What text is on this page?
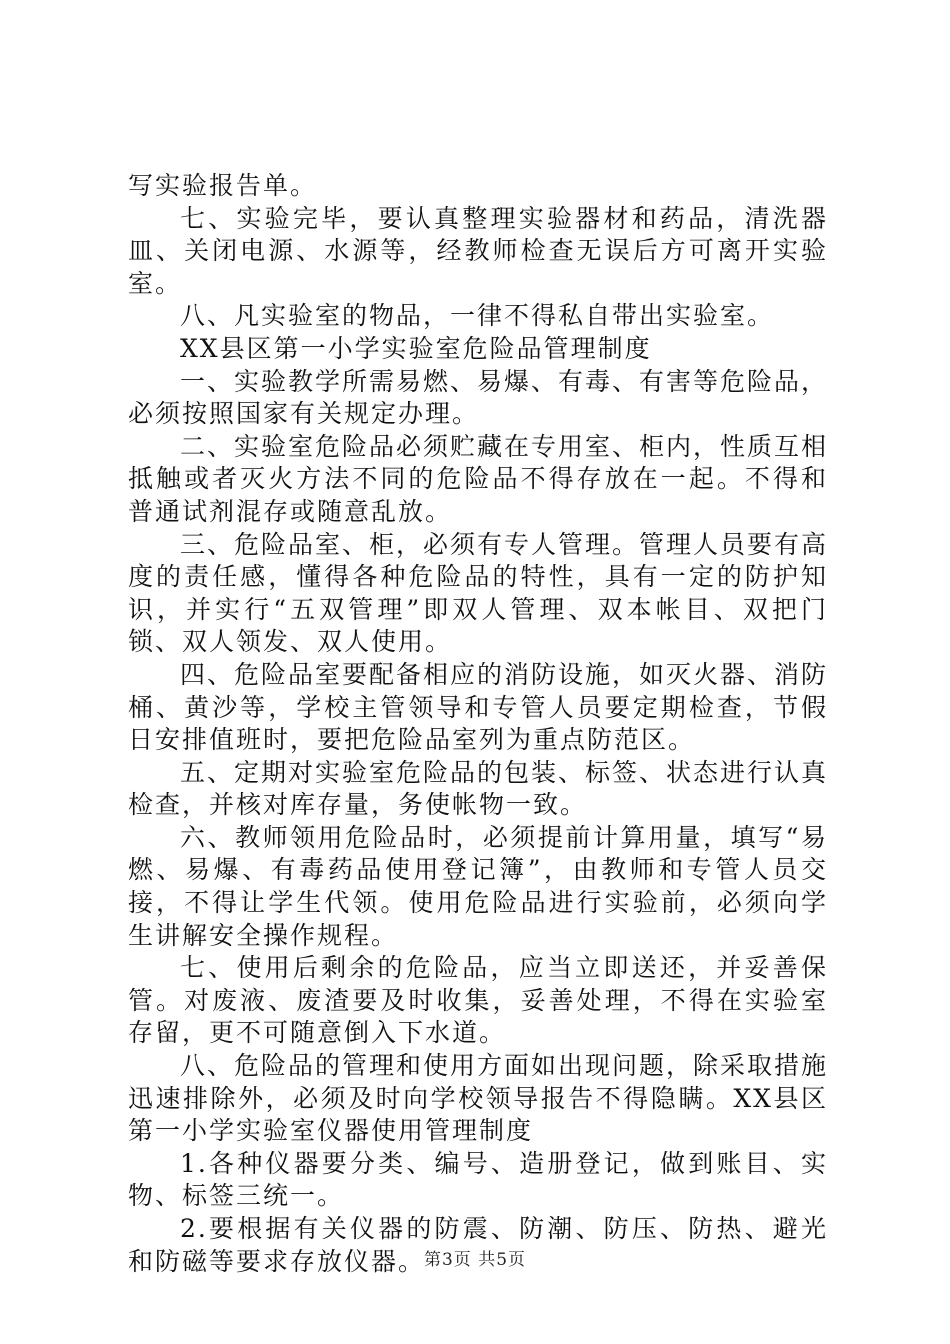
写实验报告单。

七、实验完毕，要认真整理实验器材和药品，清洗器皿、关闭电源、水源等，经教师检查无误后方可离开实验室。

八、凡实验室的物品，一律不得私自带出实验室。

XX县区第一小学实验室危险品管理制度

一、实验教学所需易燃、易爆、有毒、有害等危险品，必须按照国家有关规定办理。

二、实验室危险品必须贮藏在专用室、柜内，性质互相抵触或者灭火方法不同的危险品不得存放在一起。不得和普通试剂混存或随意乱放。

三、危险品室、柜，必须有专人管理。管理人员要有高度的责任感，懂得各种危险品的特性，具有一定的防护知识，并实行“五双管理”即双人管理、双本帐目、双把门锁、双人领发、双人使用。

四、危险品室要配备相应的消防设施，如灭火器、消防桶、黄沙等，学校主管领导和专管人员要定期检查，节假日安排值班时，要把危险品室列为重点防范区。

五、定期对实验室危险品的包装、标签、状态进行认真检查，并核对库存量，务使帐物一致。

六、教师领用危险品时，必须提前计算用量，填写“易燃、易爆、有毒药品使用登记簿”，由教师和专管人员交接，不得让学生代领。使用危险品进行实验前，必须向学生讲解安全操作规程。

七、使用后剩余的危险品，应当立即送还，并妥善保管。对废液、废渣要及时收集，妥善处理，不得在实验室存留，更不可随意倒入下水道。

八、危险品的管理和使用方面如出现问题，除采取措施迅速排除外，必须及时向学校领导报告不得隐瞒。XX县区第一小学实验室仪器使用管理制度

1.各种仪器要分类、编号、造册登记，做到账目、实物、标签三统一。

2.要根据有关仪器的防震、防潮、防压、防热、避光和防磁等要求存放仪器。

第3页 共5页
